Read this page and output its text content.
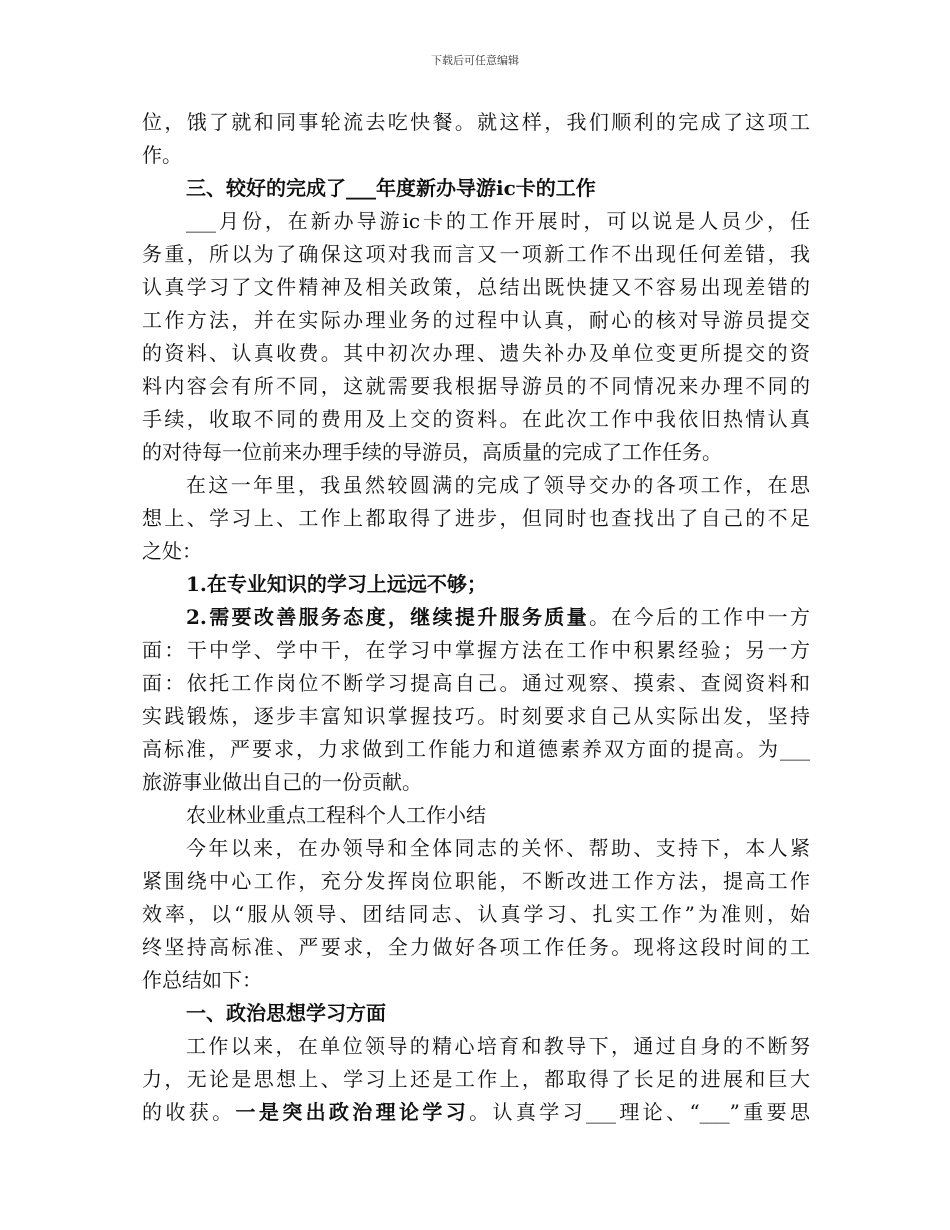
下载后可任意编辑
位，饿了就和同事轮流去吃快餐。就这样，我们顺利的完成了这项工
作。
三、较好的完成了___年度新办导游ic卡的工作
___月份，在新办导游ic卡的工作开展时，可以说是人员少，任
务重，所以为了确保这项对我而言又一项新工作不出现任何差错，我
认真学习了文件精神及相关政策，总结出既快捷又不容易出现差错的
工作方法，并在实际办理业务的过程中认真，耐心的核对导游员提交
的资料、认真收费。其中初次办理、遗失补办及单位变更所提交的资
料内容会有所不同，这就需要我根据导游员的不同情况来办理不同的
手续，收取不同的费用及上交的资料。在此次工作中我依旧热情认真
的对待每一位前来办理手续的导游员，高质量的完成了工作任务。
在这一年里，我虽然较圆满的完成了领导交办的各项工作，在思
想上、学习上、工作上都取得了进步，但同时也查找出了自己的不足
之处：
1.在专业知识的学习上远远不够；
2.需要改善服务态度，继续提升服务质量。在今后的工作中一方
面：干中学、学中干，在学习中掌握方法在工作中积累经验；另一方
面：依托工作岗位不断学习提高自己。通过观察、摸索、查阅资料和
实践锻炼，逐步丰富知识掌握技巧。时刻要求自己从实际出发，坚持
高标准，严要求，力求做到工作能力和道德素养双方面的提高。为___
旅游事业做出自己的一份贡献。
农业林业重点工程科个人工作小结
今年以来，在办领导和全体同志的关怀、帮助、支持下，本人紧
紧围绕中心工作，充分发挥岗位职能，不断改进工作方法，提高工作
效率，以“服从领导、团结同志、认真学习、扎实工作”为准则，始
终坚持高标准、严要求，全力做好各项工作任务。现将这段时间的工
作总结如下：
一、政治思想学习方面
工作以来，在单位领导的精心培育和教导下，通过自身的不断努
力，无论是思想上、学习上还是工作上，都取得了长足的进展和巨大
的收获。一是突出政治理论学习。认真学习___理论、“___”重要思
